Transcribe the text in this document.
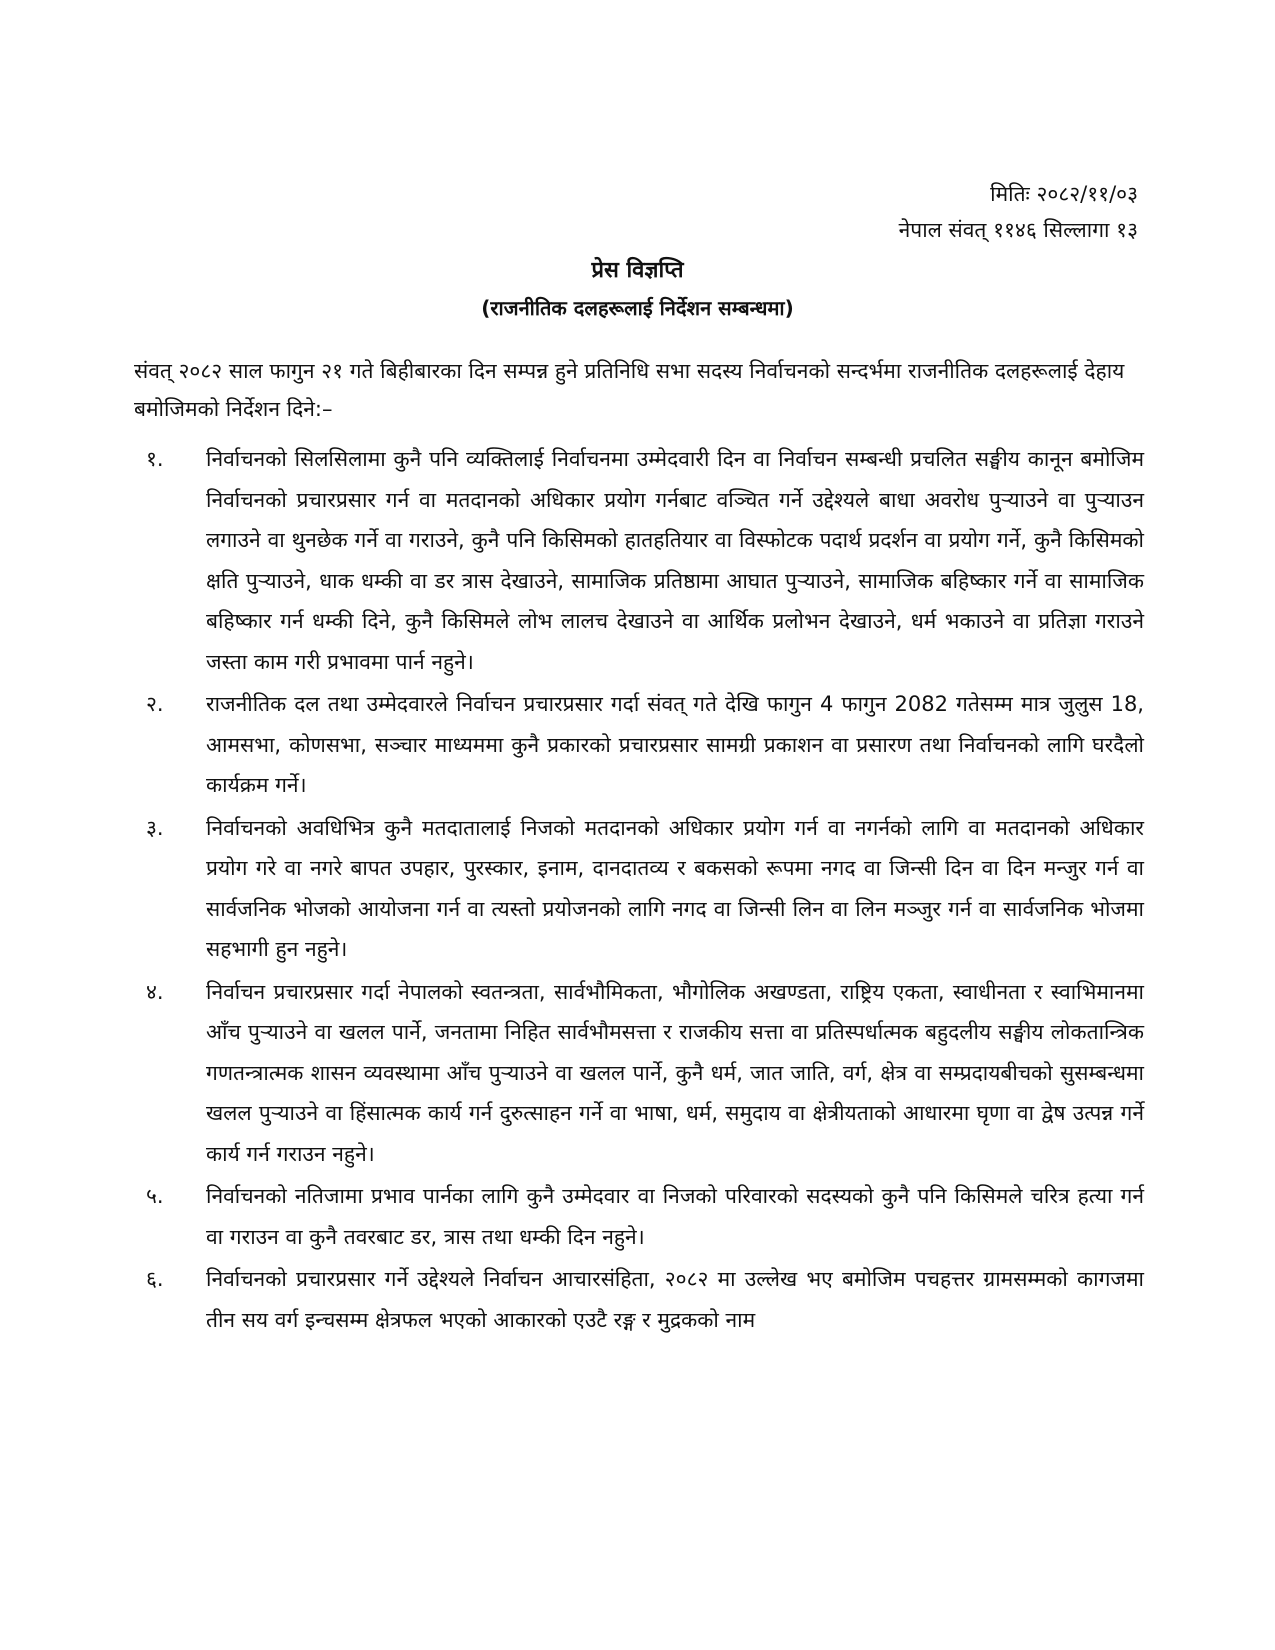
मितिः २०८२/११/०३
नेपाल संवत् ११४६ सिल्लागा १३
प्रेस विज्ञप्ति
(राजनीतिक दलहरूलाई निर्देशन सम्बन्धमा)

संवत् २०८२ साल फागुन २१ गते बिहीबारका दिन सम्पन्न हुने प्रतिनिधि सभा सदस्य निर्वाचनको सन्दर्भमा राजनीतिक दलहरूलाई देहाय बमोजिमको निर्देशन दिने:–

१.	निर्वाचनको सिलसिलामा कुनै पनि व्यक्तिलाई निर्वाचनमा उम्मेदवारी दिन वा निर्वाचन सम्बन्धी प्रचलित सङ्घीय कानून बमोजिम निर्वाचनको प्रचारप्रसार गर्न वा मतदानको अधिकार प्रयोग गर्नबाट वञ्चित गर्ने उद्देश्यले बाधा अवरोध पुर्‍याउने वा पुर्‍याउन लगाउने वा थुनछेक गर्ने वा गराउने, कुनै पनि किसिमको हातहतियार वा विस्फोटक पदार्थ प्रदर्शन वा प्रयोग गर्ने, कुनै किसिमको क्षति पुर्‍याउने, धाक धम्की वा डर त्रास देखाउने, सामाजिक प्रतिष्ठामा आघात पुर्‍याउने, सामाजिक बहिष्कार गर्ने वा सामाजिक बहिष्कार गर्न धम्की दिने, कुनै किसिमले लोभ लालच देखाउने वा आर्थिक प्रलोभन देखाउने, धर्म भकाउने वा प्रतिज्ञा गराउने जस्ता काम गरी प्रभावमा पार्न नहुने।
२.	राजनीतिक दल तथा उम्मेदवारले निर्वाचन प्रचारप्रसार गर्दा संवत् गते देखि फागुन 4 फागुन 2082 गतेसम्म मात्र जुलुस 18, आमसभा, कोणसभा, सञ्चार माध्यममा कुनै प्रकारको प्रचारप्रसार सामग्री प्रकाशन वा प्रसारण तथा निर्वाचनको लागि घरदैलो कार्यक्रम गर्ने।
३.	निर्वाचनको अवधिभित्र कुनै मतदातालाई निजको मतदानको अधिकार प्रयोग गर्न वा नगर्नको लागि वा मतदानको अधिकार प्रयोग गरे वा नगरे बापत उपहार, पुरस्कार, इनाम, दानदातव्य र बकसको रूपमा नगद वा जिन्सी दिन वा दिन मन्जुर गर्न वा सार्वजनिक भोजको आयोजना गर्न वा त्यस्तो प्रयोजनको लागि नगद वा जिन्सी लिन वा लिन मञ्जुर गर्न वा सार्वजनिक भोजमा सहभागी हुन नहुने।
४.	निर्वाचन प्रचारप्रसार गर्दा नेपालको स्वतन्त्रता, सार्वभौमिकता, भौगोलिक अखण्डता, राष्ट्रिय एकता, स्वाधीनता र स्वाभिमानमा आँच पुर्‍याउने वा खलल पार्ने, जनतामा निहित सार्वभौमसत्ता र राजकीय सत्ता वा प्रतिस्पर्धात्मक बहुदलीय सङ्घीय लोकतान्त्रिक गणतन्त्रात्मक शासन व्यवस्थामा आँच पुर्‍याउने वा खलल पार्ने, कुनै धर्म, जात जाति, वर्ग, क्षेत्र वा सम्प्रदायबीचको सुसम्बन्धमा खलल पुर्‍याउने वा हिंसात्मक कार्य गर्न दुरुत्साहन गर्ने वा भाषा, धर्म, समुदाय वा क्षेत्रीयताको आधारमा घृणा वा द्वेष उत्पन्न गर्ने कार्य गर्न गराउन नहुने।
५.	निर्वाचनको नतिजामा प्रभाव पार्नका लागि कुनै उम्मेदवार वा निजको परिवारको सदस्यको कुनै पनि किसिमले चरित्र हत्या गर्न वा गराउन वा कुनै तवरबाट डर, त्रास तथा धम्की दिन नहुने।
६.	निर्वाचनको प्रचारप्रसार गर्ने उद्देश्यले निर्वाचन आचारसंहिता, २०८२ मा उल्लेख भए बमोजिम पचहत्तर ग्रामसम्मको कागजमा तीन सय वर्ग इन्चसम्म क्षेत्रफल भएको आकारको एउटै रङ्ग र मुद्रकको नाम
